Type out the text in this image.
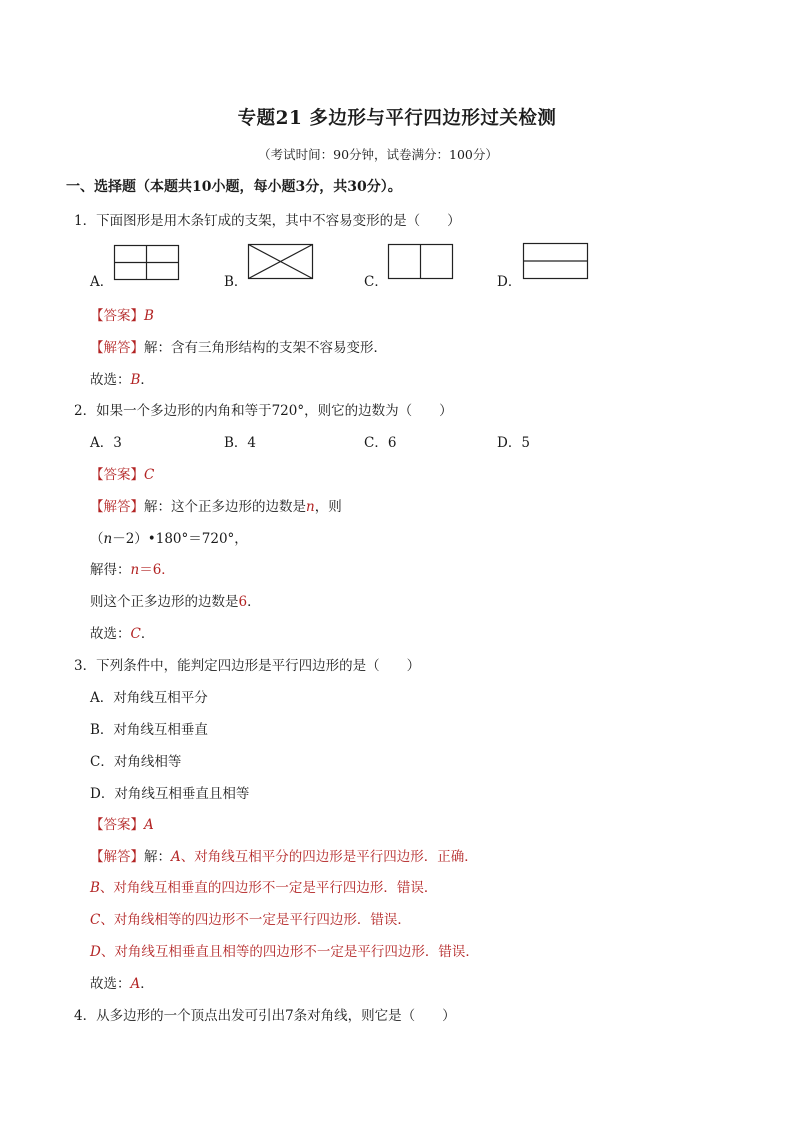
专题21 多边形与平行四边形过关检测
（考试时间：90分钟，试卷满分：100分）
一、选择题（本题共10小题，每小题3分，共30分）。
1．下面图形是用木条钉成的支架，其中不容易变形的是（　　）
A．	B．	C．	D．
【答案】B
【解答】解：含有三角形结构的支架不容易变形．
故选：B．
2．如果一个多边形的内角和等于720°，则它的边数为（　　）
A．3	B．4	C．6	D．5
【答案】C
【解答】解：这个正多边形的边数是n，则
（n－2）•180°＝720°，
解得：n＝6．
则这个正多边形的边数是6．
故选：C．
3．下列条件中，能判定四边形是平行四边形的是（　　）
A．对角线互相平分
B．对角线互相垂直
C．对角线相等
D．对角线互相垂直且相等
【答案】A
【解答】解：A、对角线互相平分的四边形是平行四边形．正确．
B、对角线互相垂直的四边形不一定是平行四边形．错误．
C、对角线相等的四边形不一定是平行四边形．错误．
D、对角线互相垂直且相等的四边形不一定是平行四边形．错误．
故选：A．
4．从多边形的一个顶点出发可引出7条对角线，则它是（　　）
